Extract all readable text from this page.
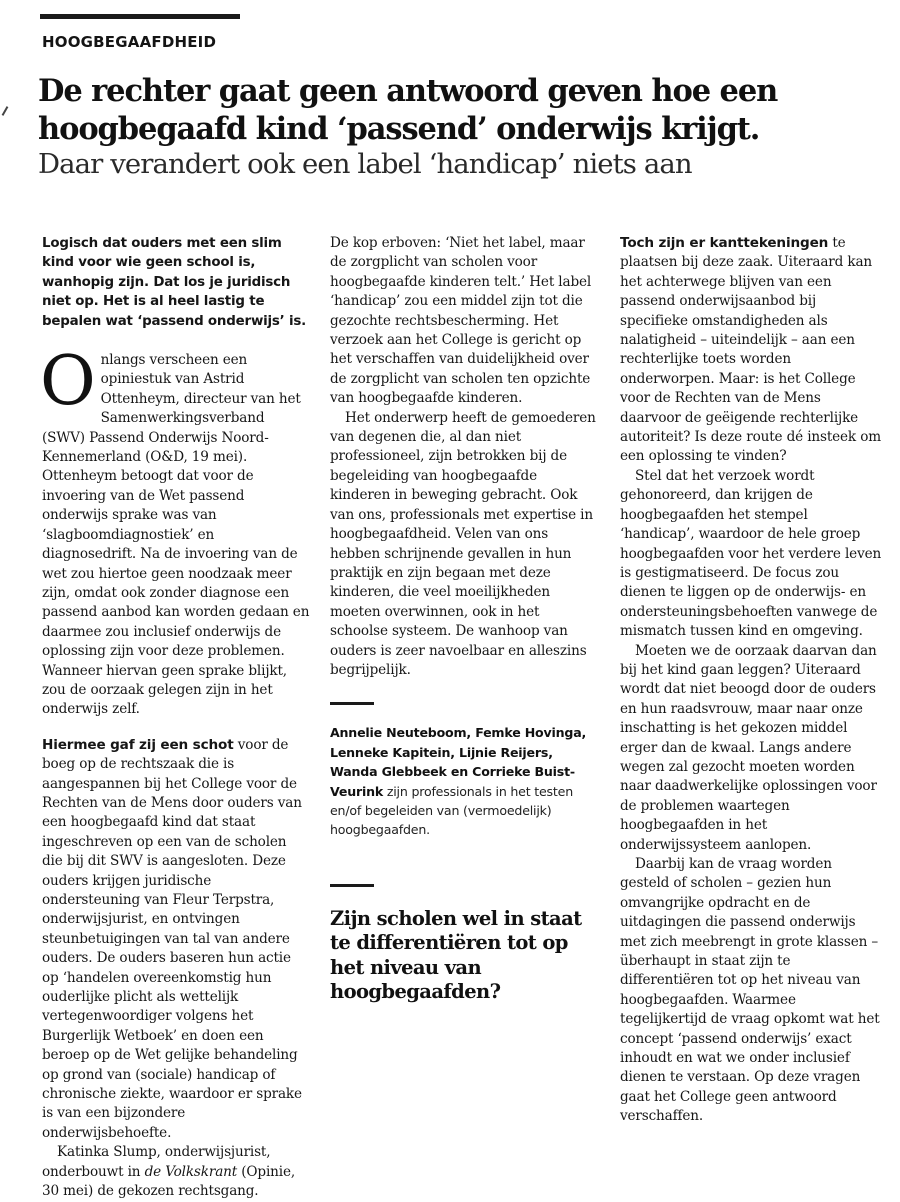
HOOGBEGAAFDHEID

De rechter gaat geen antwoord geven hoe een hoogbegaafd kind ‘passend’ onderwijs krijgt.
Daar verandert ook een label ‘handicap’ niets aan

Logisch dat ouders met een slim kind voor wie geen school is, wanhopig zijn. Dat los je juridisch niet op. Het is al heel lastig te bepalen wat ‘passend onderwijs’ is.

Onlangs verscheen een opiniestuk van Astrid Ottenheym, directeur van het Samenwerkingsverband (SWV) Passend Onderwijs Noord-Kennemerland (O&D, 19 mei). Ottenheym betoogt dat voor de invoering van de Wet passend onderwijs sprake was van ‘slagboomdiagnostiek’ en diagnosedrift. Na de invoering van de wet zou hiertoe geen noodzaak meer zijn, omdat ook zonder diagnose een passend aanbod kan worden gedaan en daarmee zou inclusief onderwijs de oplossing zijn voor deze problemen. Wanneer hiervan geen sprake blijkt, zou de oorzaak gelegen zijn in het onderwijs zelf.

Hiermee gaf zij een schot voor de boeg op de rechtszaak die is aangespannen bij het College voor de Rechten van de Mens door ouders van een hoogbegaafd kind dat staat ingeschreven op een van de scholen die bij dit SWV is aangesloten. Deze ouders krijgen juridische ondersteuning van Fleur Terpstra, onderwijsjurist, en ontvingen steunbetuigingen van tal van andere ouders. De ouders baseren hun actie op ‘handelen overeenkomstig hun ouderlijke plicht als wettelijk vertegenwoordiger volgens het Burgerlijk Wetboek’ en doen een beroep op de Wet gelijke behandeling op grond van (sociale) handicap of chronische ziekte, waardoor er sprake is van een bijzondere onderwijsbehoefte.

Katinka Slump, onderwijsjurist, onderbouwt in de Volkskrant (Opinie, 30 mei) de gekozen rechtsgang.

De kop erboven: ‘Niet het label, maar de zorgplicht van scholen voor hoogbegaafde kinderen telt.’ Het label ‘handicap’ zou een middel zijn tot die gezochte rechtsbescherming. Het verzoek aan het College is gericht op het verschaffen van duidelijkheid over de zorgplicht van scholen ten opzichte van hoogbegaafde kinderen.

Het onderwerp heeft de gemoederen van degenen die, al dan niet professioneel, zijn betrokken bij de begeleiding van hoogbegaafde kinderen in beweging gebracht. Ook van ons, professionals met expertise in hoogbegaafdheid. Velen van ons hebben schrijnende gevallen in hun praktijk en zijn begaan met deze kinderen, die veel moeilijkheden moeten overwinnen, ook in het schoolse systeem. De wanhoop van ouders is zeer navoelbaar en alleszins begrijpelijk.

Annelie Neuteboom, Femke Hovinga, Lenneke Kapitein, Lijnie Reijers, Wanda Glebbeek en Corrieke Buist-Veurink zijn professionals in het testen en/of begeleiden van (vermoedelijk) hoogbegaafden.

Zijn scholen wel in staat te differentiëren tot op het niveau van hoogbegaafden?

Toch zijn er kanttekeningen te plaatsen bij deze zaak. Uiteraard kan het achterwege blijven van een passend onderwijsaanbod bij specifieke omstandigheden als nalatigheid – uiteindelijk – aan een rechterlijke toets worden onderworpen. Maar: is het College voor de Rechten van de Mens daarvoor de geëigende rechterlijke autoriteit? Is deze route dé insteek om een oplossing te vinden?

Stel dat het verzoek wordt gehonoreerd, dan krijgen de hoogbegaafden het stempel ‘handicap’, waardoor de hele groep hoogbegaafden voor het verdere leven is gestigmatiseerd. De focus zou dienen te liggen op de onderwijs- en ondersteuningsbehoeften vanwege de mismatch tussen kind en omgeving.

Moeten we de oorzaak daarvan dan bij het kind gaan leggen? Uiteraard wordt dat niet beoogd door de ouders en hun raadsvrouw, maar naar onze inschatting is het gekozen middel erger dan de kwaal. Langs andere wegen zal gezocht moeten worden naar daadwerkelijke oplossingen voor de problemen waartegen hoogbegaafden in het onderwijssysteem aanlopen.

Daarbij kan de vraag worden gesteld of scholen – gezien hun omvangrijke opdracht en de uitdagingen die passend onderwijs met zich meebrengt in grote klassen – überhaupt in staat zijn te differentiëren tot op het niveau van hoogbegaafden. Waarmee tegelijkertijd de vraag opkomt wat het concept ‘passend onderwijs’ exact inhoudt en wat we onder inclusief dienen te verstaan. Op deze vragen gaat het College geen antwoord verschaffen.
